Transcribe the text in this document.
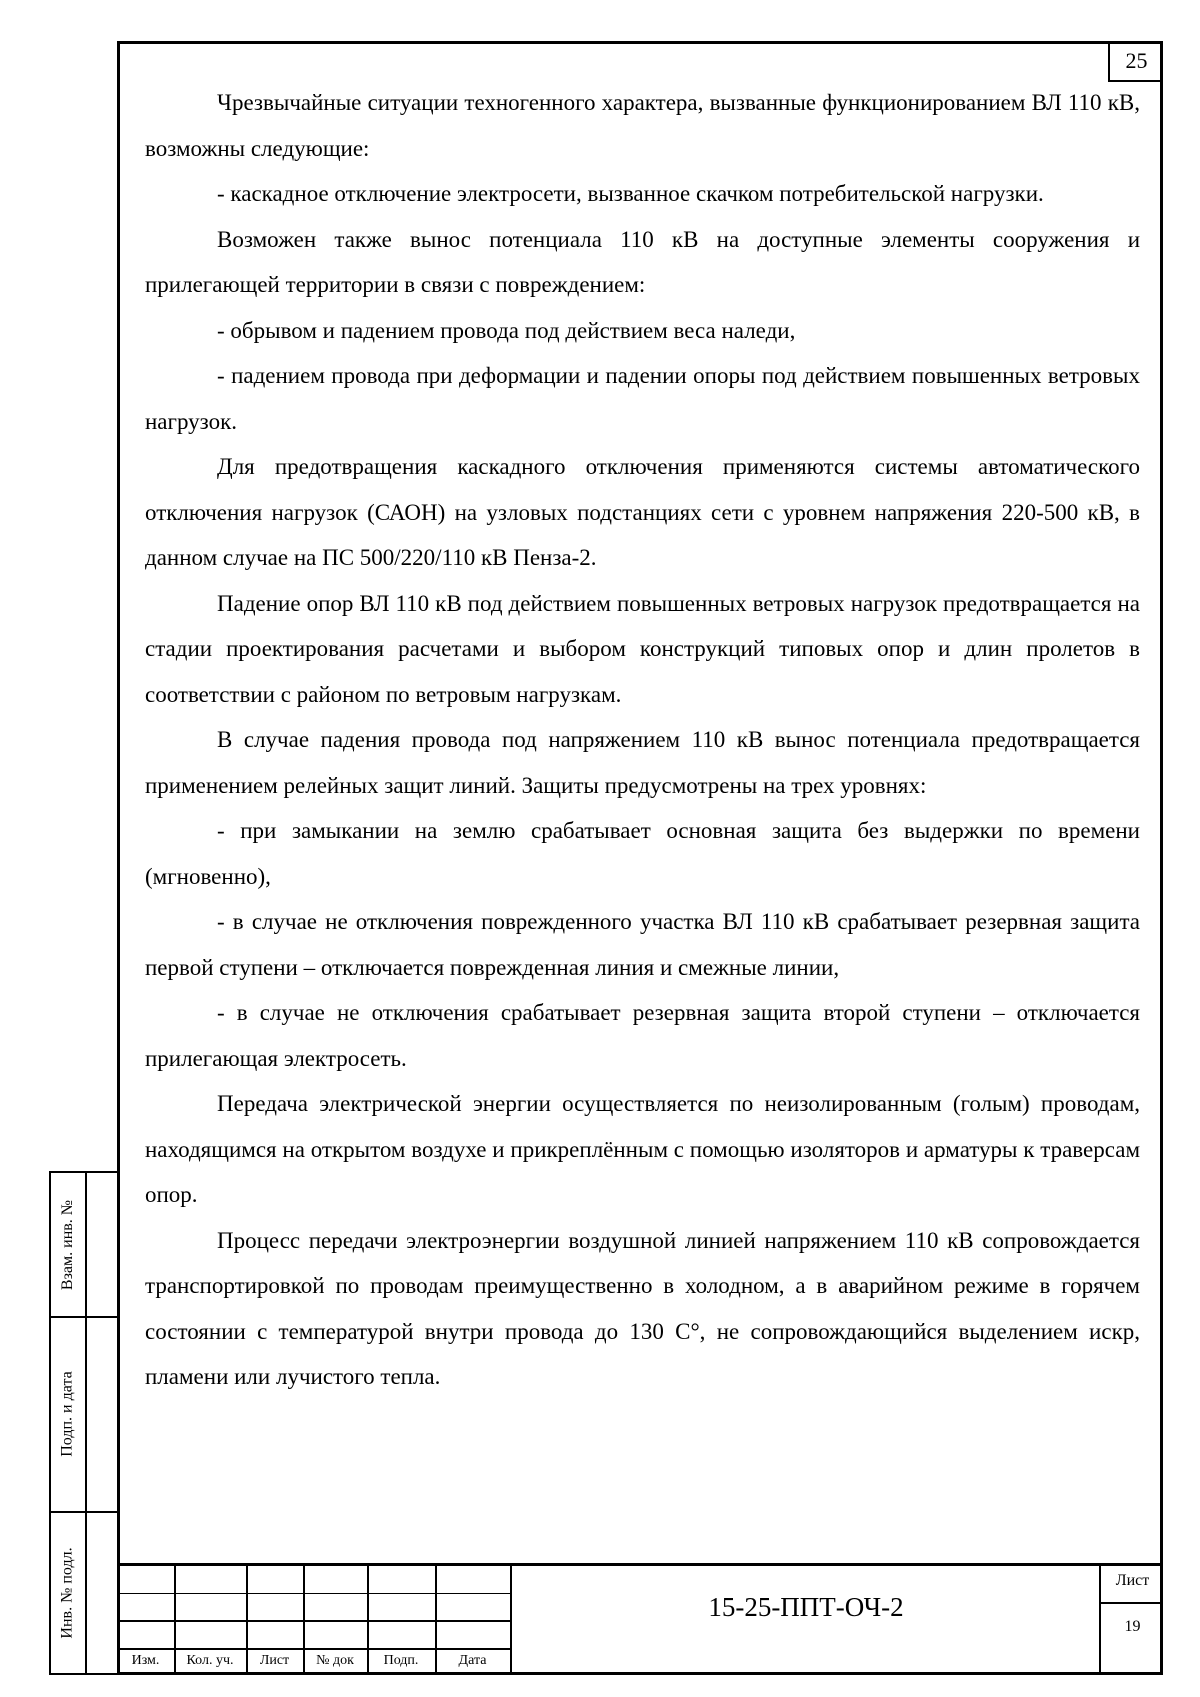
25

Чрезвычайные ситуации техногенного характера, вызванные функционированием ВЛ 110 кВ, возможны следующие:

- каскадное отключение электросети, вызванное скачком потребительской нагрузки.

Возможен также вынос потенциала 110 кВ на доступные элементы сооружения и прилегающей территории в связи с повреждением:

- обрывом и падением провода под действием веса наледи,

- падением провода при деформации и падении опоры под действием повышенных ветровых нагрузок.

Для предотвращения каскадного отключения применяются системы автоматического отключения нагрузок (САОН) на узловых подстанциях сети с уровнем напряжения 220-500 кВ, в данном случае на ПС 500/220/110 кВ Пенза-2.

Падение опор ВЛ 110 кВ под действием повышенных ветровых нагрузок предотвращается на стадии проектирования расчетами и выбором конструкций типовых опор и длин пролетов в соответствии с районом по ветровым нагрузкам.

В случае падения провода под напряжением 110 кВ вынос потенциала предотвращается применением релейных защит линий. Защиты предусмотрены на трех уровнях:

- при замыкании на землю срабатывает основная защита без выдержки по времени (мгновенно),

- в случае не отключения поврежденного участка ВЛ 110 кВ срабатывает резервная защита первой ступени – отключается поврежденная линия и смежные линии,

- в случае не отключения срабатывает резервная защита второй ступени – отключается прилегающая электросеть.

Передача электрической энергии осуществляется по неизолированным (голым) проводам, находящимся на открытом воздухе и прикреплённым с помощью изоляторов и арматуры к траверсам опор.

Процесс передачи электроэнергии воздушной линией напряжением 110 кВ сопровождается транспортировкой по проводам преимущественно в холодном, а в аварийном режиме в горячем состоянии с температурой внутри провода до 130 С°, не сопровождающийся выделением искр, пламени или лучистого тепла.

Взам. инв. №
Подп. и дата
Инв. № подл.
Изм.	Кол. уч.	Лист	№ док	Подп.	Дата
15-25-ППТ-ОЧ-2
Лист
19
